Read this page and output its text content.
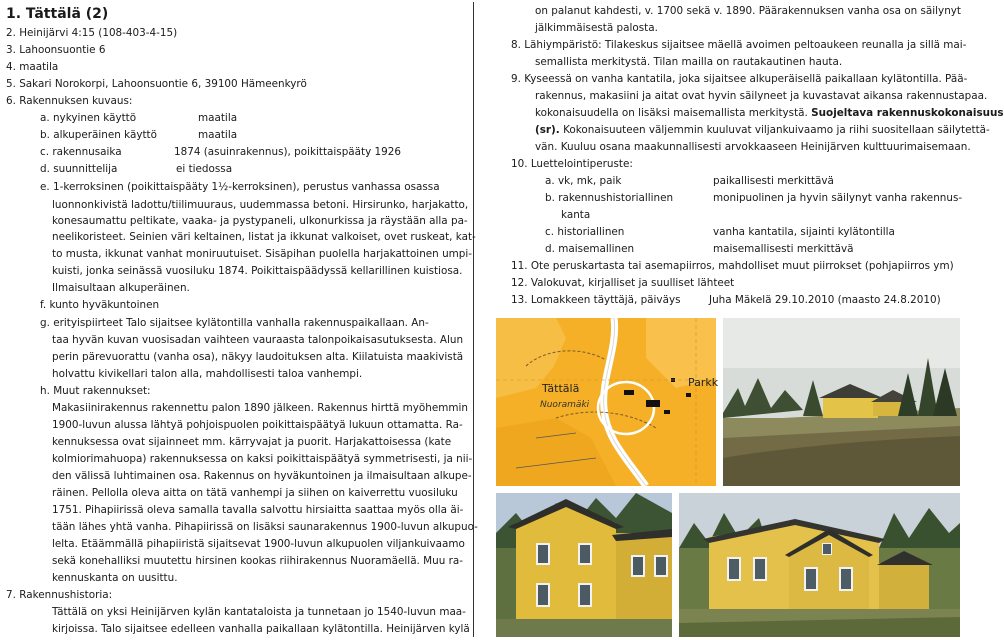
1. Tättälä (2)
2. Heinijärvi 4:15 (108-403-4-15)
3. Lahoonsuontie 6
4. maatila
5. Sakari Norokorpi, Lahoonsuontie 6, 39100 Hämeenkyrö
6. Rakennuksen kuvaus:
a. nykyinen käyttö	maatila
b. alkuperäinen käyttö	maatila
c. rakennusaika	1874 (asuinrakennus), poikittaispääty 1926
d. suunnittelija	ei tiedossa
e. 1-kerroksinen (poikittaispääty 1½-kerroksinen), perustus vanhassa osassa
luonnonkivistä ladottu/tiilimuuraus, uudemmassa betoni. Hirsirunko, harjakatto,
konesaumattu peltikate, vaaka- ja pystypaneli, ulkonurkissa ja räystään alla pa-
neelikoristeet. Seinien väri keltainen, listat ja ikkunat valkoiset, ovet ruskeat, kat-
to musta, ikkunat vanhat moniruutuiset. Sisäpihan puolella harjakattoinen umpi-
kuisti, jonka seinässä vuosiluku 1874. Poikittaispäädyssä kellarillinen kuistiosa.
Ilmaisultaan alkuperäinen.
f. kunto hyväkuntoinen
g. erityispiirteet Talo sijaitsee kylätontilla vanhalla rakennuspaikallaan. An-
taa hyvän kuvan vuosisadan vaihteen vauraasta talonpoikaisasutuksesta. Alun
perin pärevuorattu (vanha osa), näkyy laudoituksen alta. Kiilatuista maakivistä
holvattu kivikellari talon alla, mahdollisesti taloa vanhempi.
h. Muut rakennukset:
Makasiinirakennus rakennettu palon 1890 jälkeen. Rakennus hirttä myöhemmin
1900-luvun alussa lähtyä pohjoispuolen poikittaispäätyä lukuun ottamatta. Ra-
kennuksessa ovat sijainneet mm. kärryvajat ja puorit. Harjakattoisessa (kate
kolmiorimahuopa) rakennuksessa on kaksi poikittaispäätyä symmetrisesti, ja nii-
den välissä luhtimainen osa. Rakennus on hyväkuntoinen ja ilmaisultaan alkupe-
räinen. Pellolla oleva aitta on tätä vanhempi ja siihen on kaiverrettu vuosiluku
1751. Pihapiirissä oleva samalla tavalla salvottu hirsiaitta saattaa myös olla äi-
tään lähes yhtä vanha. Pihapiirissä on lisäksi saunarakennus 1900-luvun alkupuo-
lelta. Etäämmällä pihapiiristä sijaitsevat 1900-luvun alkupuolen viljankuivaamo
sekä konehalliksi muutettu hirsinen kookas riihirakennus Nuoramäellä. Muu ra-
kennuskanta on uusittu.
7. Rakennushistoria:
Tättälä on yksi Heinijärven kylän kantataloista ja tunnetaan jo 1540-luvun maa-
kirjoissa. Talo sijaitsee edelleen vanhalla paikallaan kylätontilla. Heinijärven kylä
on palanut kahdesti, v. 1700 sekä v. 1890. Päärakennuksen vanha osa on säilynyt
jälkimmäisestä palosta.
8. Lähiympäristö: Tilakeskus sijaitsee mäellä avoimen peltoaukeen reunalla ja sillä mai-
semallista merkitystä. Tilan mailla on rautakautinen hauta.
9. Kyseessä on vanha kantatila, joka sijaitsee alkuperäisellä paikallaan kylätontilla. Pää-
rakennus, makasiini ja aitat ovat hyvin säilyneet ja kuvastavat aikansa rakennustapaa.
kokonaisuudella on lisäksi maisemallista merkitystä. Suojeltava rakennuskokonaisuus
(sr). Kokonaisuuteen väljemmin kuuluvat viljankuivaamo ja riihi suositellaan säilytettä-
vän. Kuuluu osana maakunnallisesti arvokkaaseen Heinijärven kulttuurimaisemaan.
10. Luettelointiperuste:
a. vk, mk, paik	paikallisesti merkittävä
b. rakennushistoriallinen	monipuolinen ja hyvin säilynyt vanha rakennus-
kanta
c. historiallinen	vanha kantatila, sijainti kylätontilla
d. maisemallinen	maisemallisesti merkittävä
11. Ote peruskartasta tai asemapiirros, mahdolliset muut piirrokset (pohjapiirros ym)
12. Valokuvat, kirjalliset ja suulliset lähteet
13. Lomakkeen täyttäjä, päiväys	Juha Mäkelä 29.10.2010 (maasto 24.8.2010)
Tättälä
Nuoramäki
Parkk
